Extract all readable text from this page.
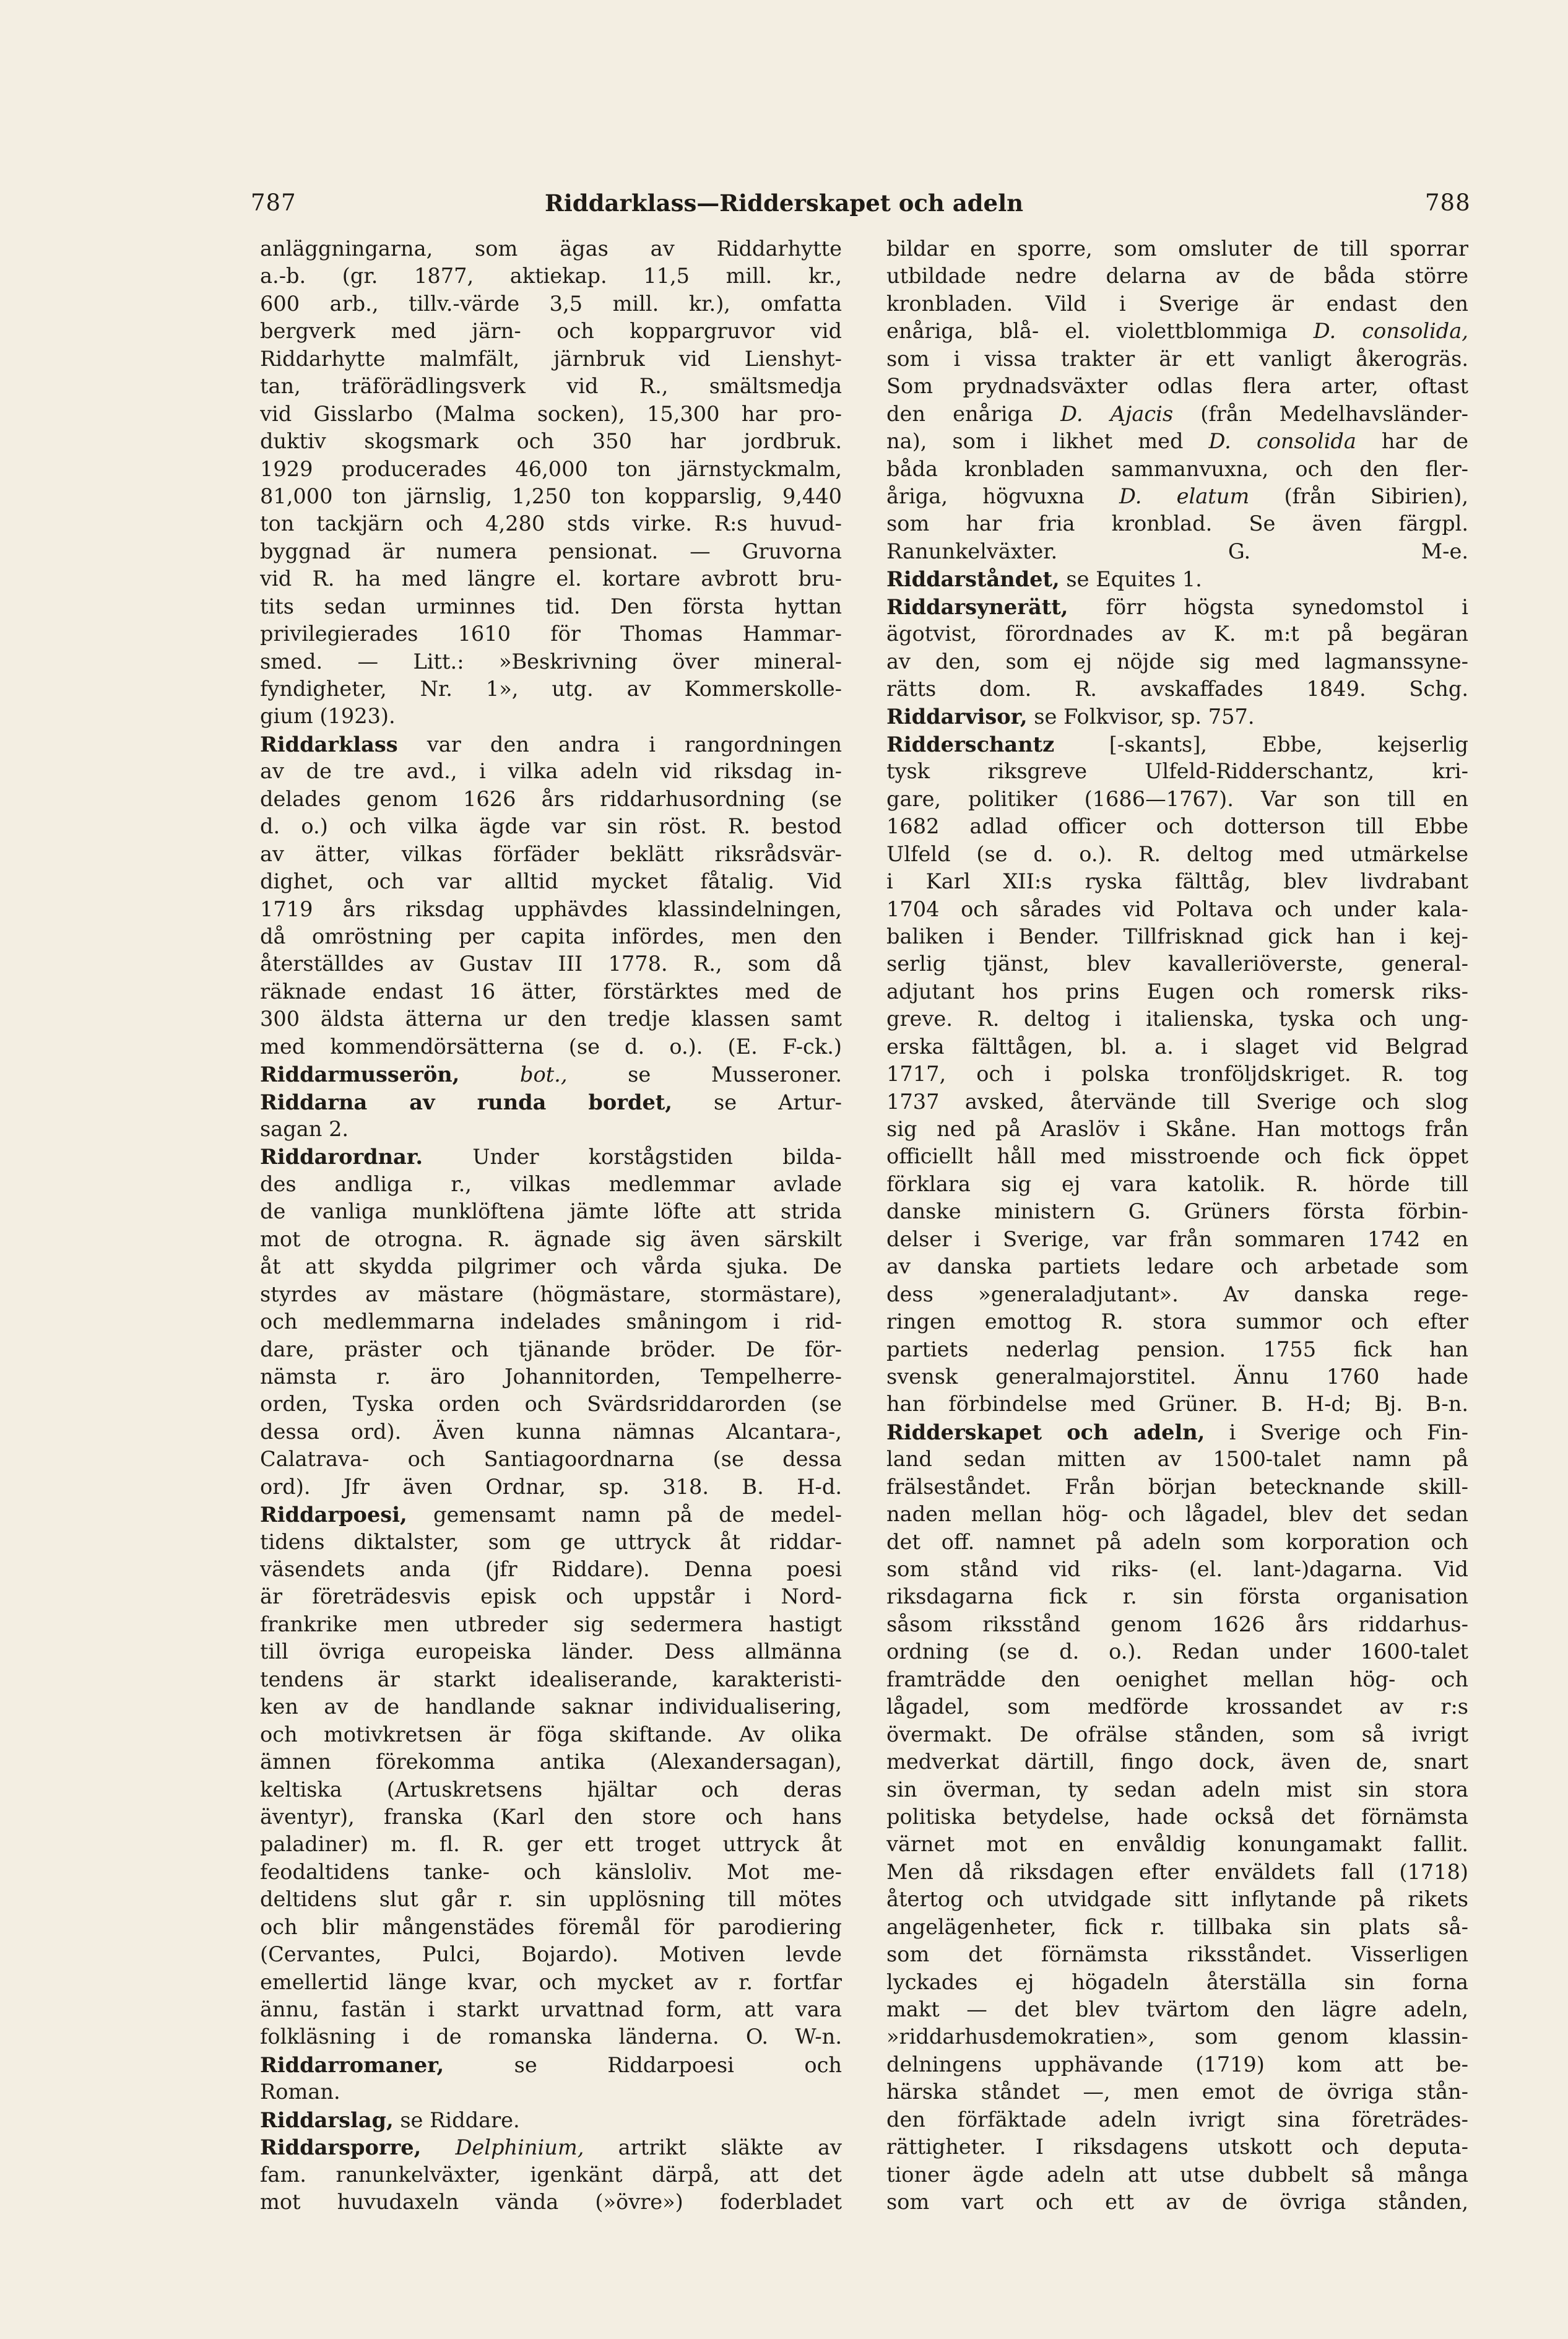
787	Riddarklass—Ridderskapet och adeln	788
anläggningarna, som ägas av Riddarhytte
a.-b. (gr. 1877, aktiekap. 11,5 mill. kr.,
600 arb., tillv.-värde 3,5 mill. kr.), omfatta
bergverk med järn- och koppargruvor vid
Riddarhytte malmfält, järnbruk vid Lienshyt-
tan, träförädlingsverk vid R., smältsmedja
vid Gisslarbo (Malma socken), 15,300 har pro-
duktiv skogsmark och 350 har jordbruk.
1929 producerades 46,000 ton järnstyckmalm,
81,000 ton järnslig, 1,250 ton kopparslig, 9,440
ton tackjärn och 4,280 stds virke. R:s huvud-
byggnad är numera pensionat. — Gruvorna
vid R. ha med längre el. kortare avbrott bru-
tits sedan urminnes tid. Den första hyttan
privilegierades 1610 för Thomas Hammar-
smed. — Litt.: »Beskrivning över mineral-
fyndigheter, Nr. 1», utg. av Kommerskolle-
gium (1923).
Riddarklass var den andra i rangordningen
av de tre avd., i vilka adeln vid riksdag in-
delades genom 1626 års riddarhusordning (se
d. o.) och vilka ägde var sin röst. R. bestod
av ätter, vilkas förfäder beklätt riksrådsvär-
dighet, och var alltid mycket fåtalig. Vid
1719 års riksdag upphävdes klassindelningen,
då omröstning per capita infördes, men den
återställdes av Gustav III 1778. R., som då
räknade endast 16 ätter, förstärktes med de
300 äldsta ätterna ur den tredje klassen samt
med kommendörsätterna (se d. o.). (E. F-ck.)
Riddarmusserön, bot., se Musseroner.
Riddarna av runda bordet, se Artur-
sagan 2.
Riddarordnar. Under korstågstiden bilda-
des andliga r., vilkas medlemmar avlade
de vanliga munklöftena jämte löfte att strida
mot de otrogna. R. ägnade sig även särskilt
åt att skydda pilgrimer och vårda sjuka. De
styrdes av mästare (högmästare, stormästare),
och medlemmarna indelades småningom i rid-
dare, präster och tjänande bröder. De för-
nämsta r. äro Johannitorden, Tempelherre-
orden, Tyska orden och Svärdsriddarorden (se
dessa ord). Även kunna nämnas Alcantara-,
Calatrava- och Santiagoordnarna (se dessa
ord). Jfr även Ordnar, sp. 318. B. H-d.
Riddarpoesi, gemensamt namn på de medel-
tidens diktalster, som ge uttryck åt riddar-
väsendets anda (jfr Riddare). Denna poesi
är företrädesvis episk och uppstår i Nord-
frankrike men utbreder sig sedermera hastigt
till övriga europeiska länder. Dess allmänna
tendens är starkt idealiserande, karakteristi-
ken av de handlande saknar individualisering,
och motivkretsen är föga skiftande. Av olika
ämnen förekomma antika (Alexandersagan),
keltiska (Artuskretsens hjältar och deras
äventyr), franska (Karl den store och hans
paladiner) m. fl. R. ger ett troget uttryck åt
feodaltidens tanke- och känsloliv. Mot me-
deltidens slut går r. sin upplösning till mötes
och blir mångenstädes föremål för parodiering
(Cervantes, Pulci, Bojardo). Motiven levde
emellertid länge kvar, och mycket av r. fortfar
ännu, fastän i starkt urvattnad form, att vara
folkläsning i de romanska länderna. O. W-n.
Riddarromaner, se Riddarpoesi och
Roman.
Riddarslag, se Riddare.
Riddarsporre, Delphinium, artrikt släkte av
fam. ranunkelväxter, igenkänt därpå, att det
mot huvudaxeln vända (»övre») foderbladet
bildar en sporre, som omsluter de till sporrar
utbildade nedre delarna av de båda större
kronbladen. Vild i Sverige är endast den
enåriga, blå- el. violettblommiga D. consolida,
som i vissa trakter är ett vanligt åkerogräs.
Som prydnadsväxter odlas flera arter, oftast
den enåriga D. Ajacis (från Medelhavsländer-
na), som i likhet med D. consolida har de
båda kronbladen sammanvuxna, och den fler-
åriga, högvuxna D. elatum (från Sibirien),
som har fria kronblad. Se även färgpl.
Ranunkelväxter. G. M-e.
Riddarståndet, se Equites 1.
Riddarsynerätt, förr högsta synedomstol i
ägotvist, förordnades av K. m:t på begäran
av den, som ej nöjde sig med lagmanssyne-
rätts dom. R. avskaffades 1849. Schg.
Riddarvisor, se Folkvisor, sp. 757.
Ridderschantz [-skants], Ebbe, kejserlig
tysk riksgreve Ulfeld-Ridderschantz, kri-
gare, politiker (1686—1767). Var son till en
1682 adlad officer och dotterson till Ebbe
Ulfeld (se d. o.). R. deltog med utmärkelse
i Karl XII:s ryska fälttåg, blev livdrabant
1704 och sårades vid Poltava och under kala-
baliken i Bender. Tillfrisknad gick han i kej-
serlig tjänst, blev kavalleriöverste, general-
adjutant hos prins Eugen och romersk riks-
greve. R. deltog i italienska, tyska och ung-
erska fälttågen, bl. a. i slaget vid Belgrad
1717, och i polska tronföljdskriget. R. tog
1737 avsked, återvände till Sverige och slog
sig ned på Araslöv i Skåne. Han mottogs från
officiellt håll med misstroende och fick öppet
förklara sig ej vara katolik. R. hörde till
danske ministern G. Grüners första förbin-
delser i Sverige, var från sommaren 1742 en
av danska partiets ledare och arbetade som
dess »generaladjutant». Av danska rege-
ringen emottog R. stora summor och efter
partiets nederlag pension. 1755 fick han
svensk generalmajorstitel. Ännu 1760 hade
han förbindelse med Grüner. B. H-d; Bj. B-n.
Ridderskapet och adeln, i Sverige och Fin-
land sedan mitten av 1500-talet namn på
frälseståndet. Från början betecknande skill-
naden mellan hög- och lågadel, blev det sedan
det off. namnet på adeln som korporation och
som stånd vid riks- (el. lant-)dagarna. Vid
riksdagarna fick r. sin första organisation
såsom riksstånd genom 1626 års riddarhus-
ordning (se d. o.). Redan under 1600-talet
framträdde den oenighet mellan hög- och
lågadel, som medförde krossandet av r:s
övermakt. De ofrälse stånden, som så ivrigt
medverkat därtill, fingo dock, även de, snart
sin överman, ty sedan adeln mist sin stora
politiska betydelse, hade också det förnämsta
värnet mot en envåldig konungamakt fallit.
Men då riksdagen efter enväldets fall (1718)
återtog och utvidgade sitt inflytande på rikets
angelägenheter, fick r. tillbaka sin plats så-
som det förnämsta riksståndet. Visserligen
lyckades ej högadeln återställa sin forna
makt — det blev tvärtom den lägre adeln,
»riddarhusdemokratien», som genom klassin-
delningens upphävande (1719) kom att be-
härska ståndet —, men emot de övriga stån-
den förfäktade adeln ivrigt sina företrädes-
rättigheter. I riksdagens utskott och deputa-
tioner ägde adeln att utse dubbelt så många
som vart och ett av de övriga stånden,
